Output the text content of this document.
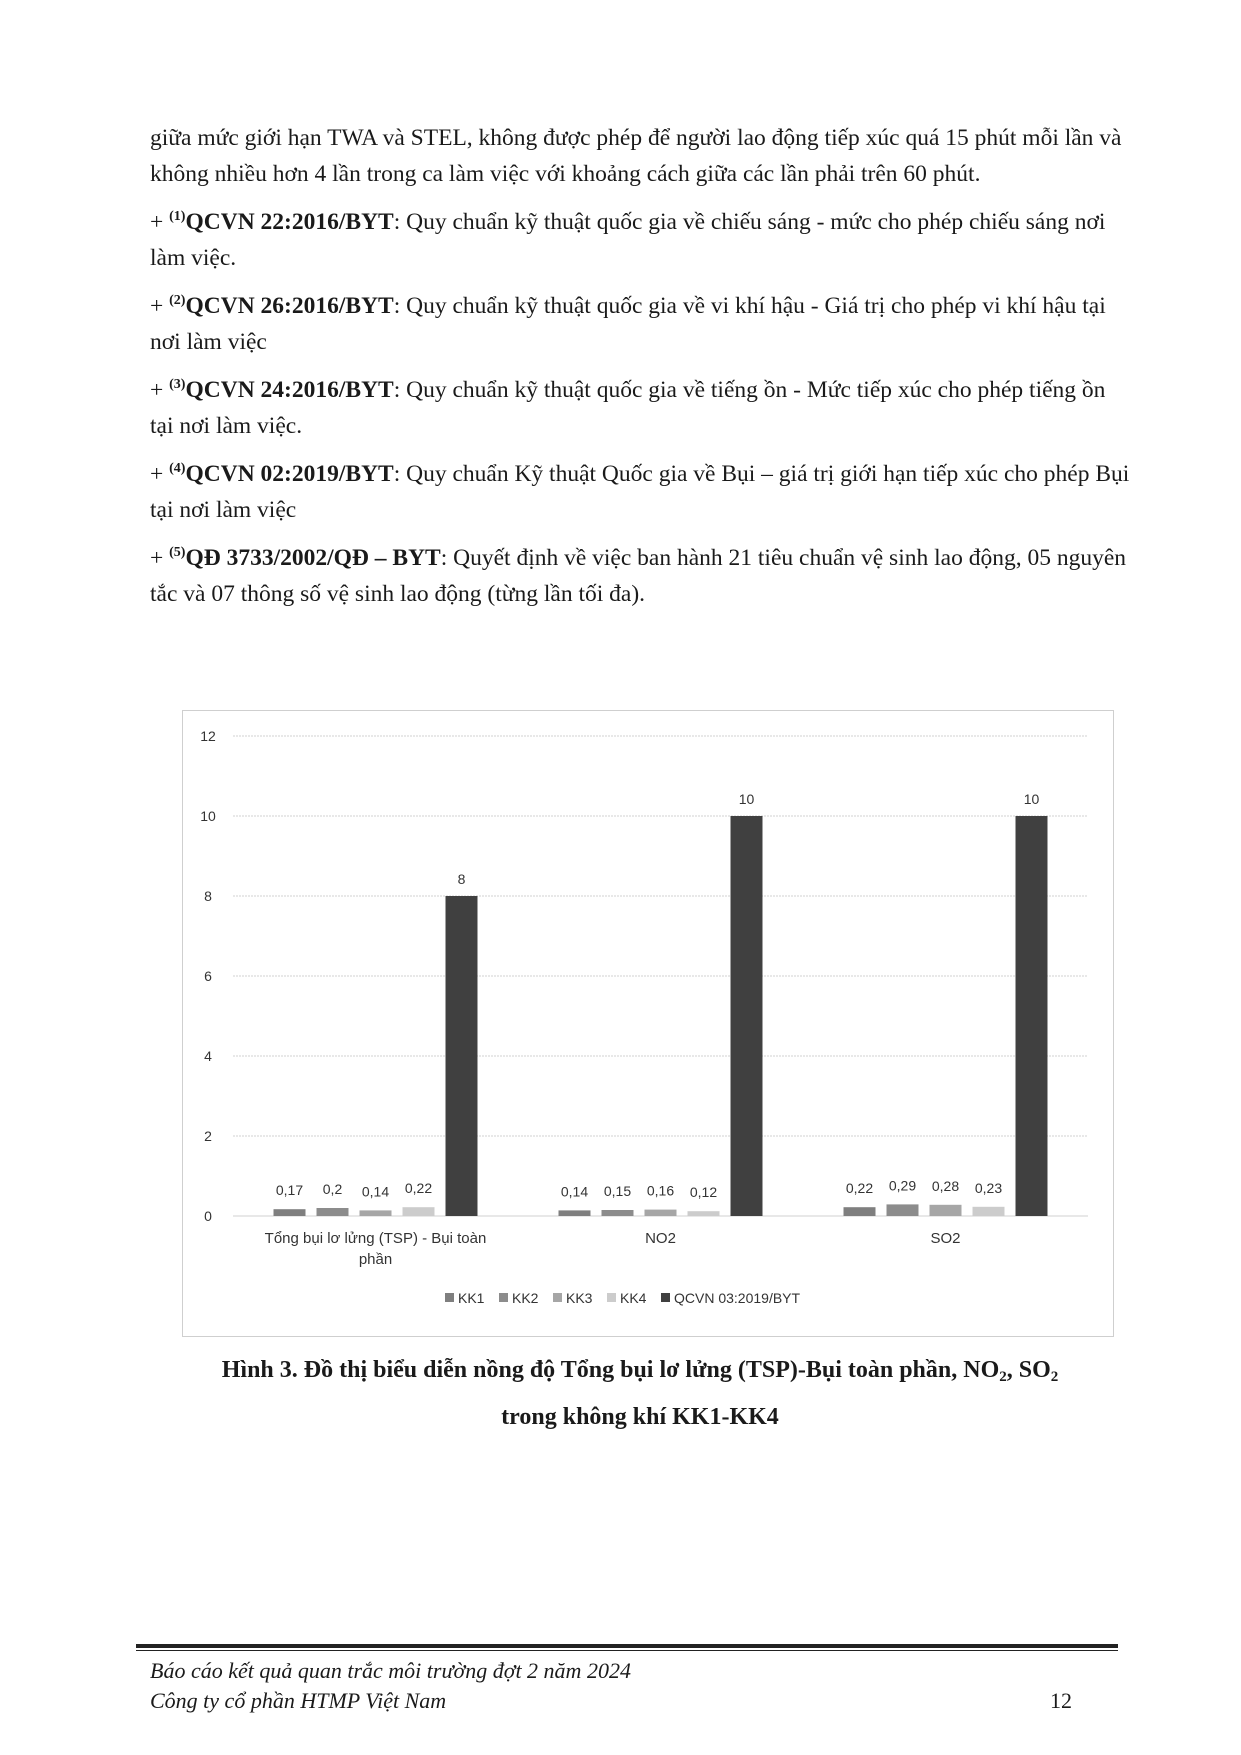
giữa mức giới hạn TWA và STEL, không được phép để người lao động tiếp xúc quá 15 phút mỗi lần và không nhiều hơn 4 lần trong ca làm việc với khoảng cách giữa các lần phải trên 60 phút.

+ $^{(1)}$QCVN 22:2016/BYT: Quy chuẩn kỹ thuật quốc gia về chiếu sáng - mức cho phép chiếu sáng nơi làm việc.

+ $^{(2)}$QCVN 26:2016/BYT: Quy chuẩn kỹ thuật quốc gia về vi khí hậu - Giá trị cho phép vi khí hậu tại nơi làm việc

+ $^{(3)}$QCVN 24:2016/BYT: Quy chuẩn kỹ thuật quốc gia về tiếng ồn - Mức tiếp xúc cho phép tiếng ồn tại nơi làm việc.

+ $^{(4)}$QCVN 02:2019/BYT: Quy chuẩn Kỹ thuật Quốc gia về Bụi – giá trị giới hạn tiếp xúc cho phép Bụi tại nơi làm việc

+ $^{(5)}$QĐ 3733/2002/QĐ – BYT: Quyết định về việc ban hành 21 tiêu chuẩn vệ sinh lao động, 05 nguyên tắc và 07 thông số vệ sinh lao động (từng lần tối đa).

0
2
4
6
8
10
12
0,17 0,2 0,14 0,22
8
0,14 0,15 0,16 0,12
10
0,22 0,29 0,28 0,23
10
Tổng bụi lơ lửng (TSP) - Bụi toàn phần
NO2	SO2
KK1 KK2 KK3 KK4 QCVN 03:2019/BYT
Hình 3. Đồ thị biểu diễn nồng độ Tổng bụi lơ lửng (TSP)-Bụi toàn phần, $NO_2$, $SO_2$
trong không khí KK1-KK4
Báo cáo kết quả quan trắc môi trường đợt 2 năm 2024
Công ty cổ phần HTMP Việt Nam	12
